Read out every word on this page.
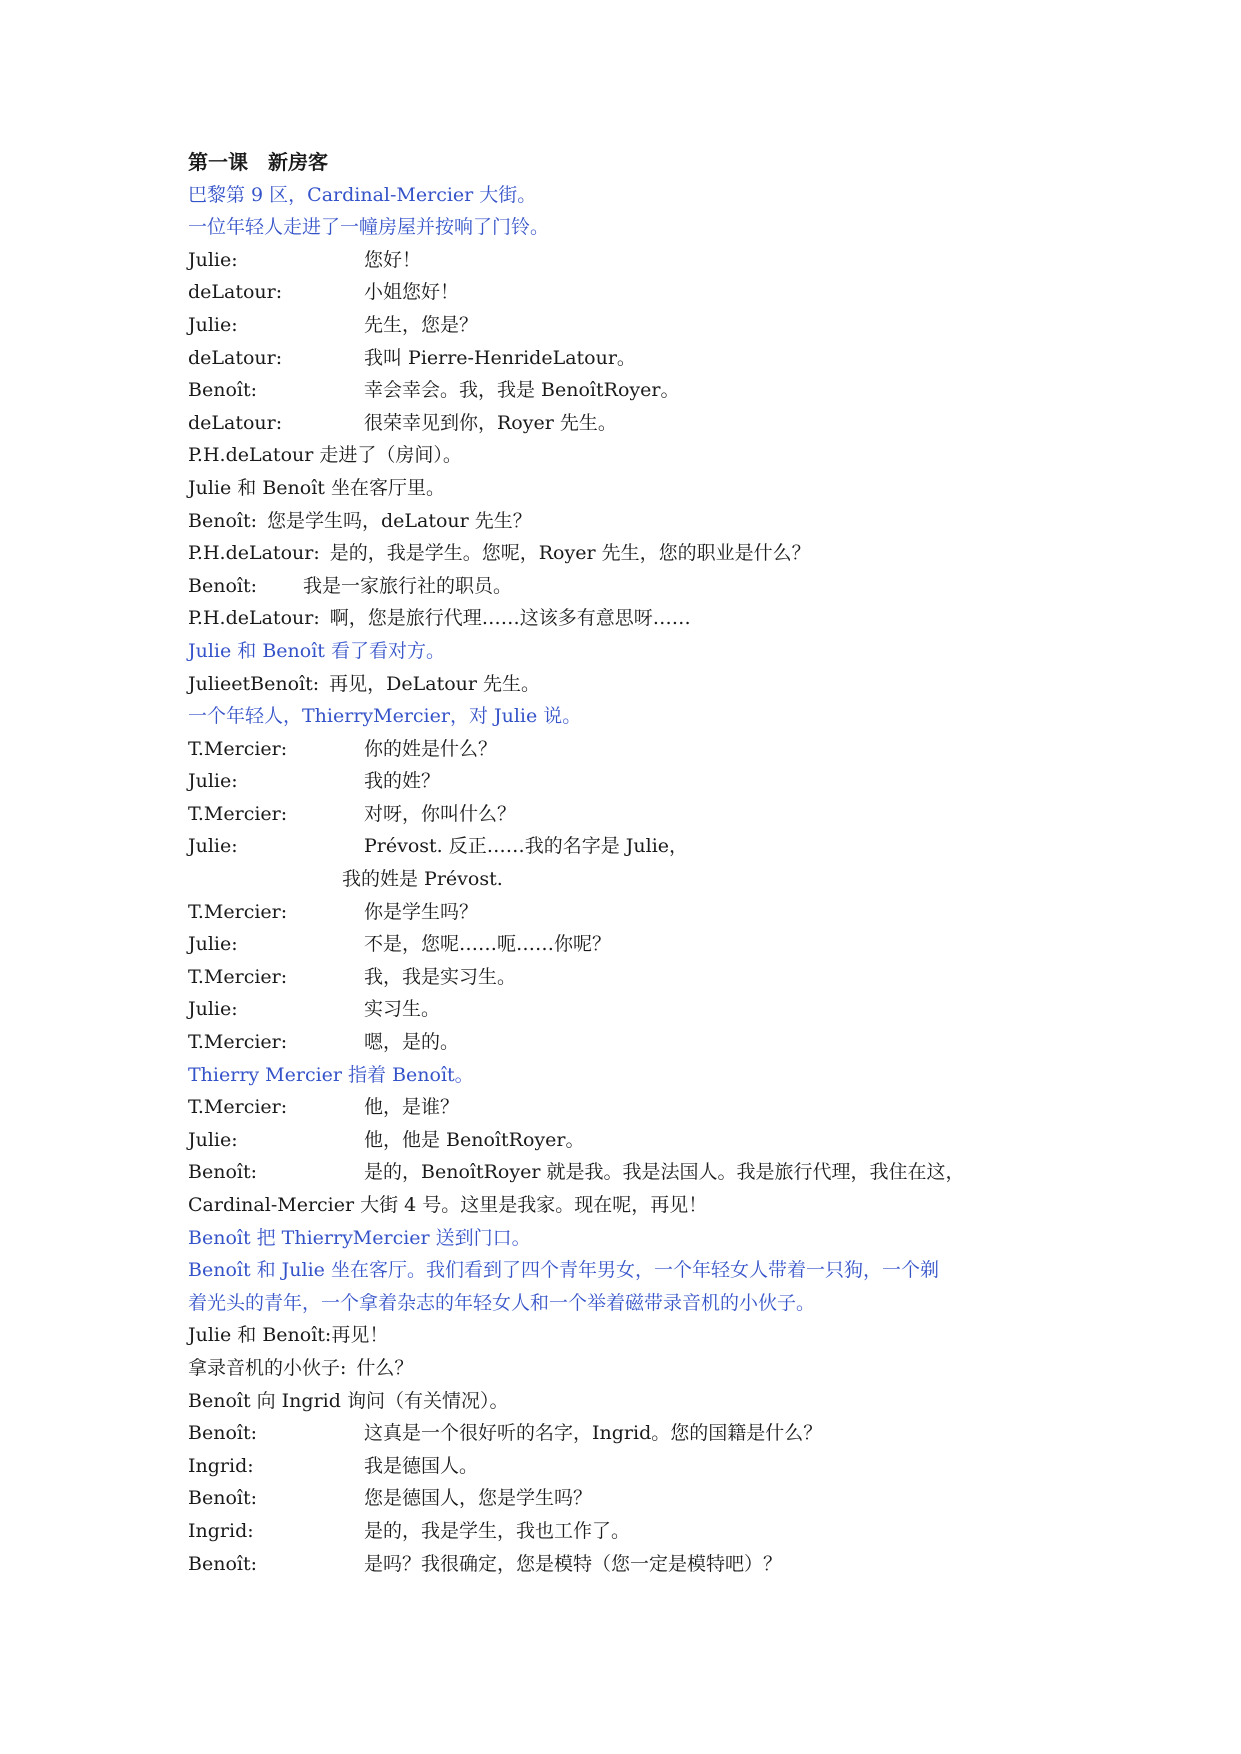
第一课　新房客
巴黎第 9 区，Cardinal-Mercier 大街。
一位年轻人走进了一幢房屋并按响了门铃。
Julie:	您好！
deLatour:	小姐您好！
Julie:	先生，您是？
deLatour:	我叫 Pierre-HenrideLatour。
Benoît:	幸会幸会。我，我是 BenoîtRoyer。
deLatour:	很荣幸见到你，Royer 先生。
P.H.deLatour 走进了（房间）。
Julie 和 Benoît 坐在客厅里。
Benoît: 您是学生吗，deLatour 先生？
P.H.deLatour: 是的，我是学生。您呢，Royer 先生，您的职业是什么？
Benoît: 我是一家旅行社的职员。
P.H.deLatour: 啊，您是旅行代理……这该多有意思呀……
Julie 和 Benoît 看了看对方。
JulieetBenoît: 再见，DeLatour 先生。
一个年轻人，ThierryMercier，对 Julie 说。
T.Mercier:	你的姓是什么？
Julie:	我的姓？
T.Mercier:	对呀，你叫什么？
Julie:	Prévost. 反正……我的名字是 Julie，
我的姓是 Prévost.
T.Mercier:	你是学生吗？
Julie:	不是，您呢……呃……你呢？
T.Mercier:	我，我是实习生。
Julie:	实习生。
T.Mercier:	嗯，是的。
Thierry Mercier 指着 Benoît。
T.Mercier:	他，是谁？
Julie:	他，他是 BenoîtRoyer。
Benoît:	是的，BenoîtRoyer 就是我。我是法国人。我是旅行代理，我住在这，
Cardinal-Mercier 大街 4 号。这里是我家。现在呢，再见！
Benoît 把 ThierryMercier 送到门口。
Benoît 和 Julie 坐在客厅。我们看到了四个青年男女，一个年轻女人带着一只狗，一个剃
着光头的青年，一个拿着杂志的年轻女人和一个举着磁带录音机的小伙子。
Julie 和 Benoît:再见！
拿录音机的小伙子: 什么？
Benoît 向 Ingrid 询问（有关情况）。
Benoît:	这真是一个很好听的名字，Ingrid。您的国籍是什么？
Ingrid:	我是德国人。
Benoît:	您是德国人，您是学生吗？
Ingrid:	是的，我是学生，我也工作了。
Benoît:	是吗？我很确定，您是模特（您一定是模特吧）？
